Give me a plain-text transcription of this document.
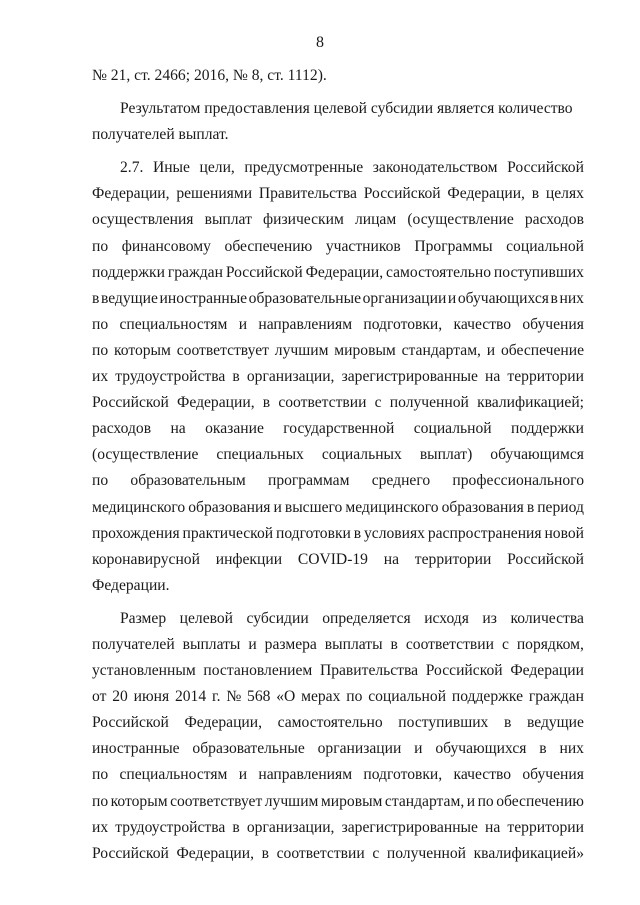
8
№ 21, ст. 2466; 2016, № 8, ст. 1112).
Результатом предоставления целевой субсидии является количество
получателей выплат.
2.7. Иные цели, предусмотренные законодательством Российской
Федерации, решениями Правительства Российской Федерации, в целях
осуществления выплат физическим лицам (осуществление расходов
по финансовому обеспечению участников Программы социальной
поддержки граждан Российской Федерации, самостоятельно поступивших
в ведущие иностранные образовательные организации и обучающихся в них
по специальностям и направлениям подготовки, качество обучения
по которым соответствует лучшим мировым стандартам, и обеспечение
их трудоустройства в организации, зарегистрированные на территории
Российской Федерации, в соответствии с полученной квалификацией;
расходов на оказание государственной социальной поддержки
(осуществление специальных социальных выплат) обучающимся
по образовательным программам среднего профессионального
медицинского образования и высшего медицинского образования в период
прохождения практической подготовки в условиях распространения новой
коронавирусной инфекции COVID-19 на территории Российской
Федерации.
Размер целевой субсидии определяется исходя из количества
получателей выплаты и размера выплаты в соответствии с порядком,
установленным постановлением Правительства Российской Федерации
от 20 июня 2014 г. № 568 «О мерах по социальной поддержке граждан
Российской Федерации, самостоятельно поступивших в ведущие
иностранные образовательные организации и обучающихся в них
по специальностям и направлениям подготовки, качество обучения
по которым соответствует лучшим мировым стандартам, и по обеспечению
их трудоустройства в организации, зарегистрированные на территории
Российской Федерации, в соответствии с полученной квалификацией»
